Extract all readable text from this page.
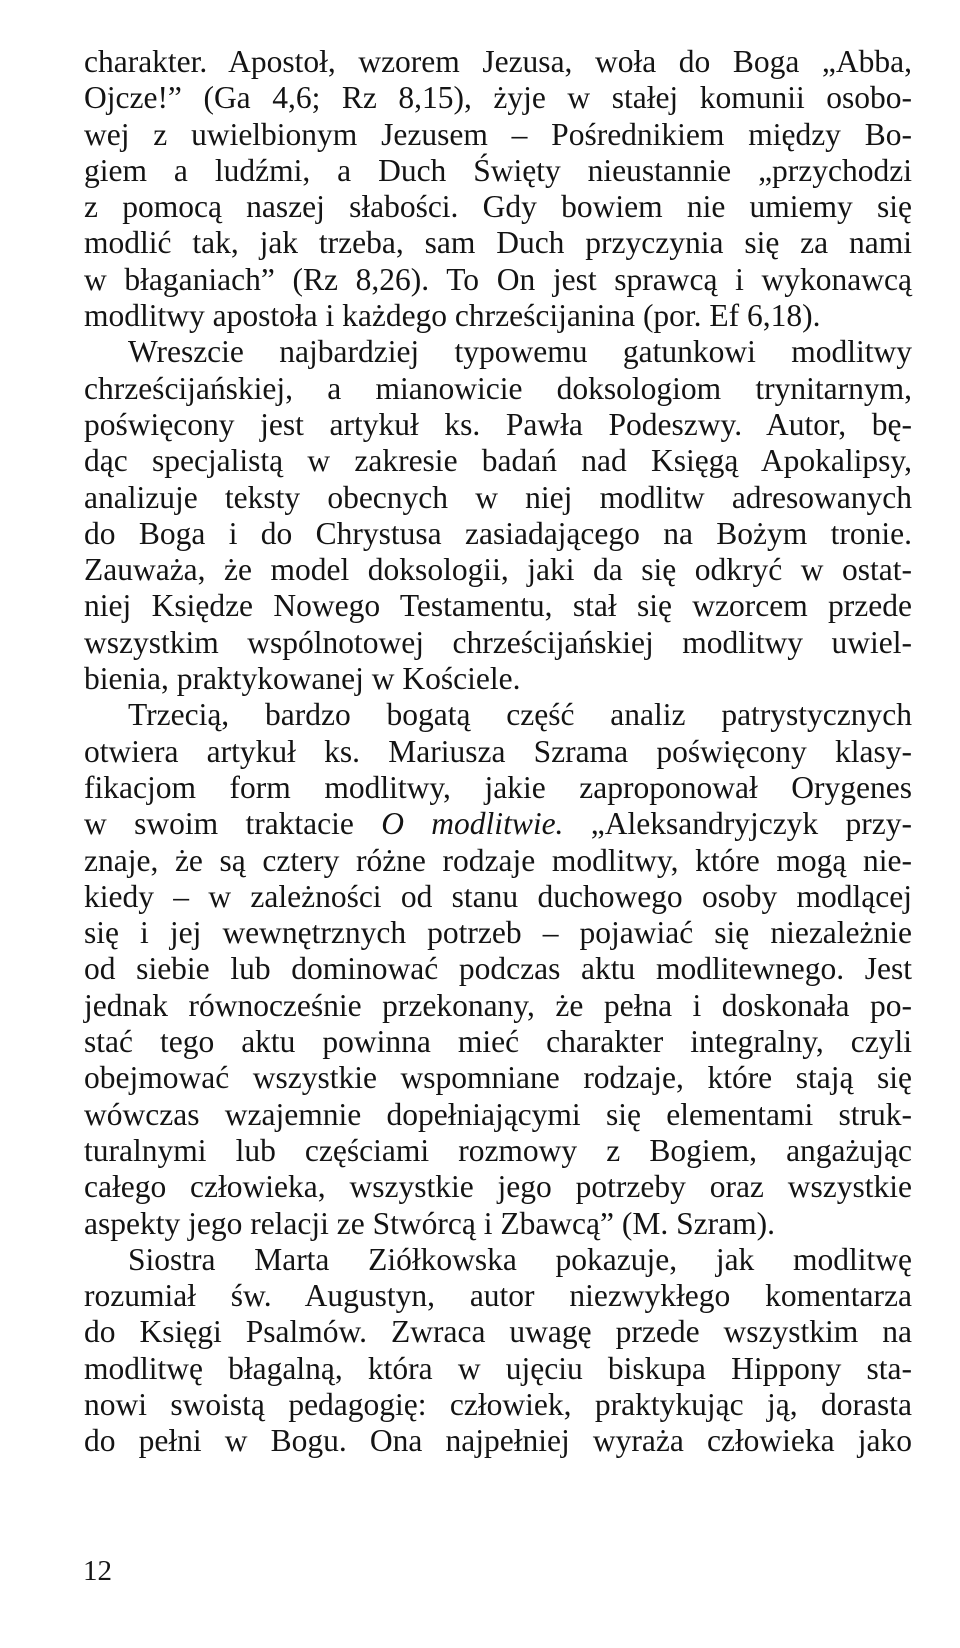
charakter. Apostoł, wzorem Jezusa, woła do Boga „Abba,
Ojcze!” (Ga 4,6; Rz 8,15), żyje w stałej komunii osobo-
wej z uwielbionym Jezusem – Pośrednikiem między Bo-
giem a ludźmi, a Duch Święty nieustannie „przychodzi
z pomocą naszej słabości. Gdy bowiem nie umiemy się
modlić tak, jak trzeba, sam Duch przyczynia się za nami
w błaganiach” (Rz 8,26). To On jest sprawcą i wykonawcą
modlitwy apostoła i każdego chrześcijanina (por. Ef 6,18).
Wreszcie najbardziej typowemu gatunkowi modlitwy
chrześcijańskiej, a mianowicie doksologiom trynitarnym,
poświęcony jest artykuł ks. Pawła Podeszwy. Autor, bę-
dąc specjalistą w zakresie badań nad Księgą Apokalipsy,
analizuje teksty obecnych w niej modlitw adresowanych
do Boga i do Chrystusa zasiadającego na Bożym tronie.
Zauważa, że model doksologii, jaki da się odkryć w ostat-
niej Księdze Nowego Testamentu, stał się wzorcem przede
wszystkim wspólnotowej chrześcijańskiej modlitwy uwiel-
bienia, praktykowanej w Kościele.
Trzecią, bardzo bogatą część analiz patrystycznych
otwiera artykuł ks. Mariusza Szrama poświęcony klasy-
fikacjom form modlitwy, jakie zaproponował Orygenes
w swoim traktacie O modlitwie. „Aleksandryjczyk przy-
znaje, że są cztery różne rodzaje modlitwy, które mogą nie-
kiedy – w zależności od stanu duchowego osoby modlącej
się i jej wewnętrznych potrzeb – pojawiać się niezależnie
od siebie lub dominować podczas aktu modlitewnego. Jest
jednak równocześnie przekonany, że pełna i doskonała po-
stać tego aktu powinna mieć charakter integralny, czyli
obejmować wszystkie wspomniane rodzaje, które stają się
wówczas wzajemnie dopełniającymi się elementami struk-
turalnymi lub częściami rozmowy z Bogiem, angażując
całego człowieka, wszystkie jego potrzeby oraz wszystkie
aspekty jego relacji ze Stwórcą i Zbawcą” (M. Szram).
Siostra Marta Ziółkowska pokazuje, jak modlitwę
rozumiał św. Augustyn, autor niezwykłego komentarza
do Księgi Psalmów. Zwraca uwagę przede wszystkim na
modlitwę błagalną, która w ujęciu biskupa Hippony sta-
nowi swoistą pedagogię: człowiek, praktykując ją, dorasta
do pełni w Bogu. Ona najpełniej wyraża człowieka jako
12
